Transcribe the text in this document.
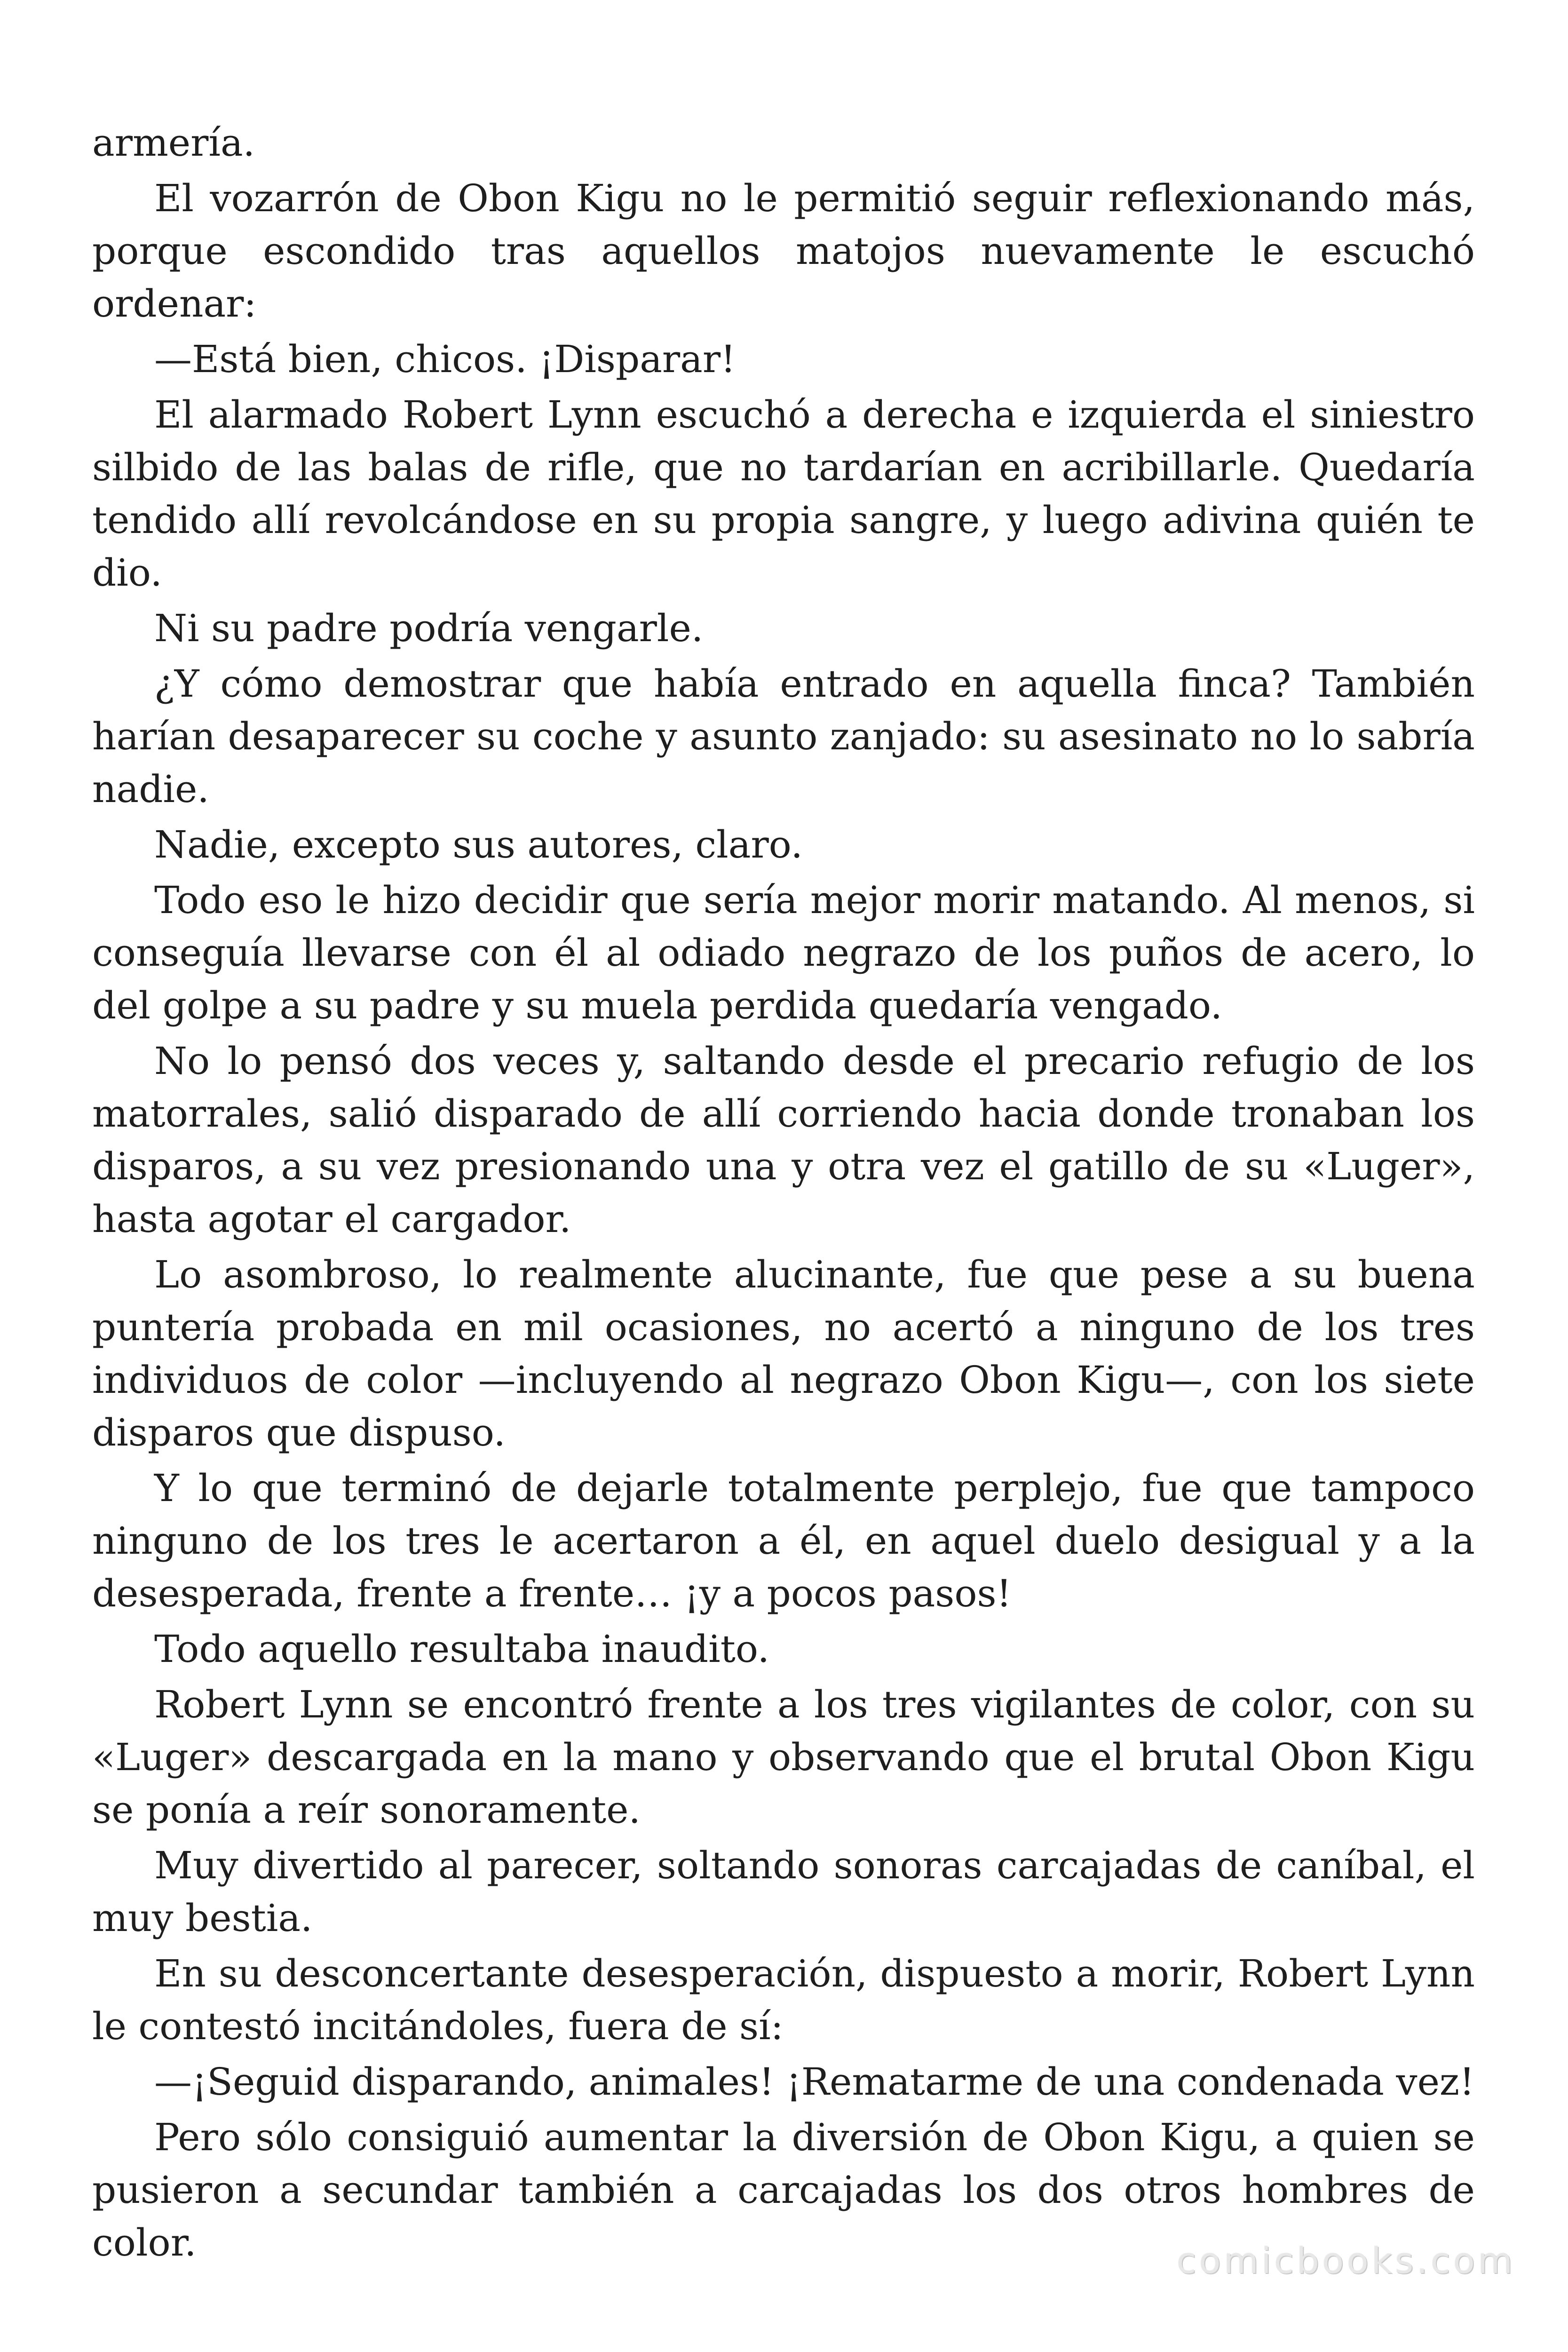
armería.

El vozarrón de Obon Kigu no le permitió seguir reflexionando más, porque escondido tras aquellos matojos nuevamente le escuchó ordenar:

—Está bien, chicos. ¡Disparar!

El alarmado Robert Lynn escuchó a derecha e izquierda el siniestro silbido de las balas de rifle, que no tardarían en acribillarle. Quedaría tendido allí revolcándose en su propia sangre, y luego adivina quién te dio.

Ni su padre podría vengarle.

¿Y cómo demostrar que había entrado en aquella finca? También harían desaparecer su coche y asunto zanjado: su asesinato no lo sabría nadie.

Nadie, excepto sus autores, claro.

Todo eso le hizo decidir que sería mejor morir matando. Al menos, si conseguía llevarse con él al odiado negrazo de los puños de acero, lo del golpe a su padre y su muela perdida quedaría vengado.

No lo pensó dos veces y, saltando desde el precario refugio de los matorrales, salió disparado de allí corriendo hacia donde tronaban los disparos, a su vez presionando una y otra vez el gatillo de su «Luger», hasta agotar el cargador.

Lo asombroso, lo realmente alucinante, fue que pese a su buena puntería probada en mil ocasiones, no acertó a ninguno de los tres individuos de color —incluyendo al negrazo Obon Kigu—, con los siete disparos que dispuso.

Y lo que terminó de dejarle totalmente perplejo, fue que tampoco ninguno de los tres le acertaron a él, en aquel duelo desigual y a la desesperada, frente a frente… ¡y a pocos pasos!

Todo aquello resultaba inaudito.

Robert Lynn se encontró frente a los tres vigilantes de color, con su «Luger» descargada en la mano y observando que el brutal Obon Kigu se ponía a reír sonoramente.

Muy divertido al parecer, soltando sonoras carcajadas de caníbal, el muy bestia.

En su desconcertante desesperación, dispuesto a morir, Robert Lynn le contestó incitándoles, fuera de sí:

—¡Seguid disparando, animales! ¡Rematarme de una condenada vez!

Pero sólo consiguió aumentar la diversión de Obon Kigu, a quien se pusieron a secundar también a carcajadas los dos otros hombres de color.	comicbooks.com
